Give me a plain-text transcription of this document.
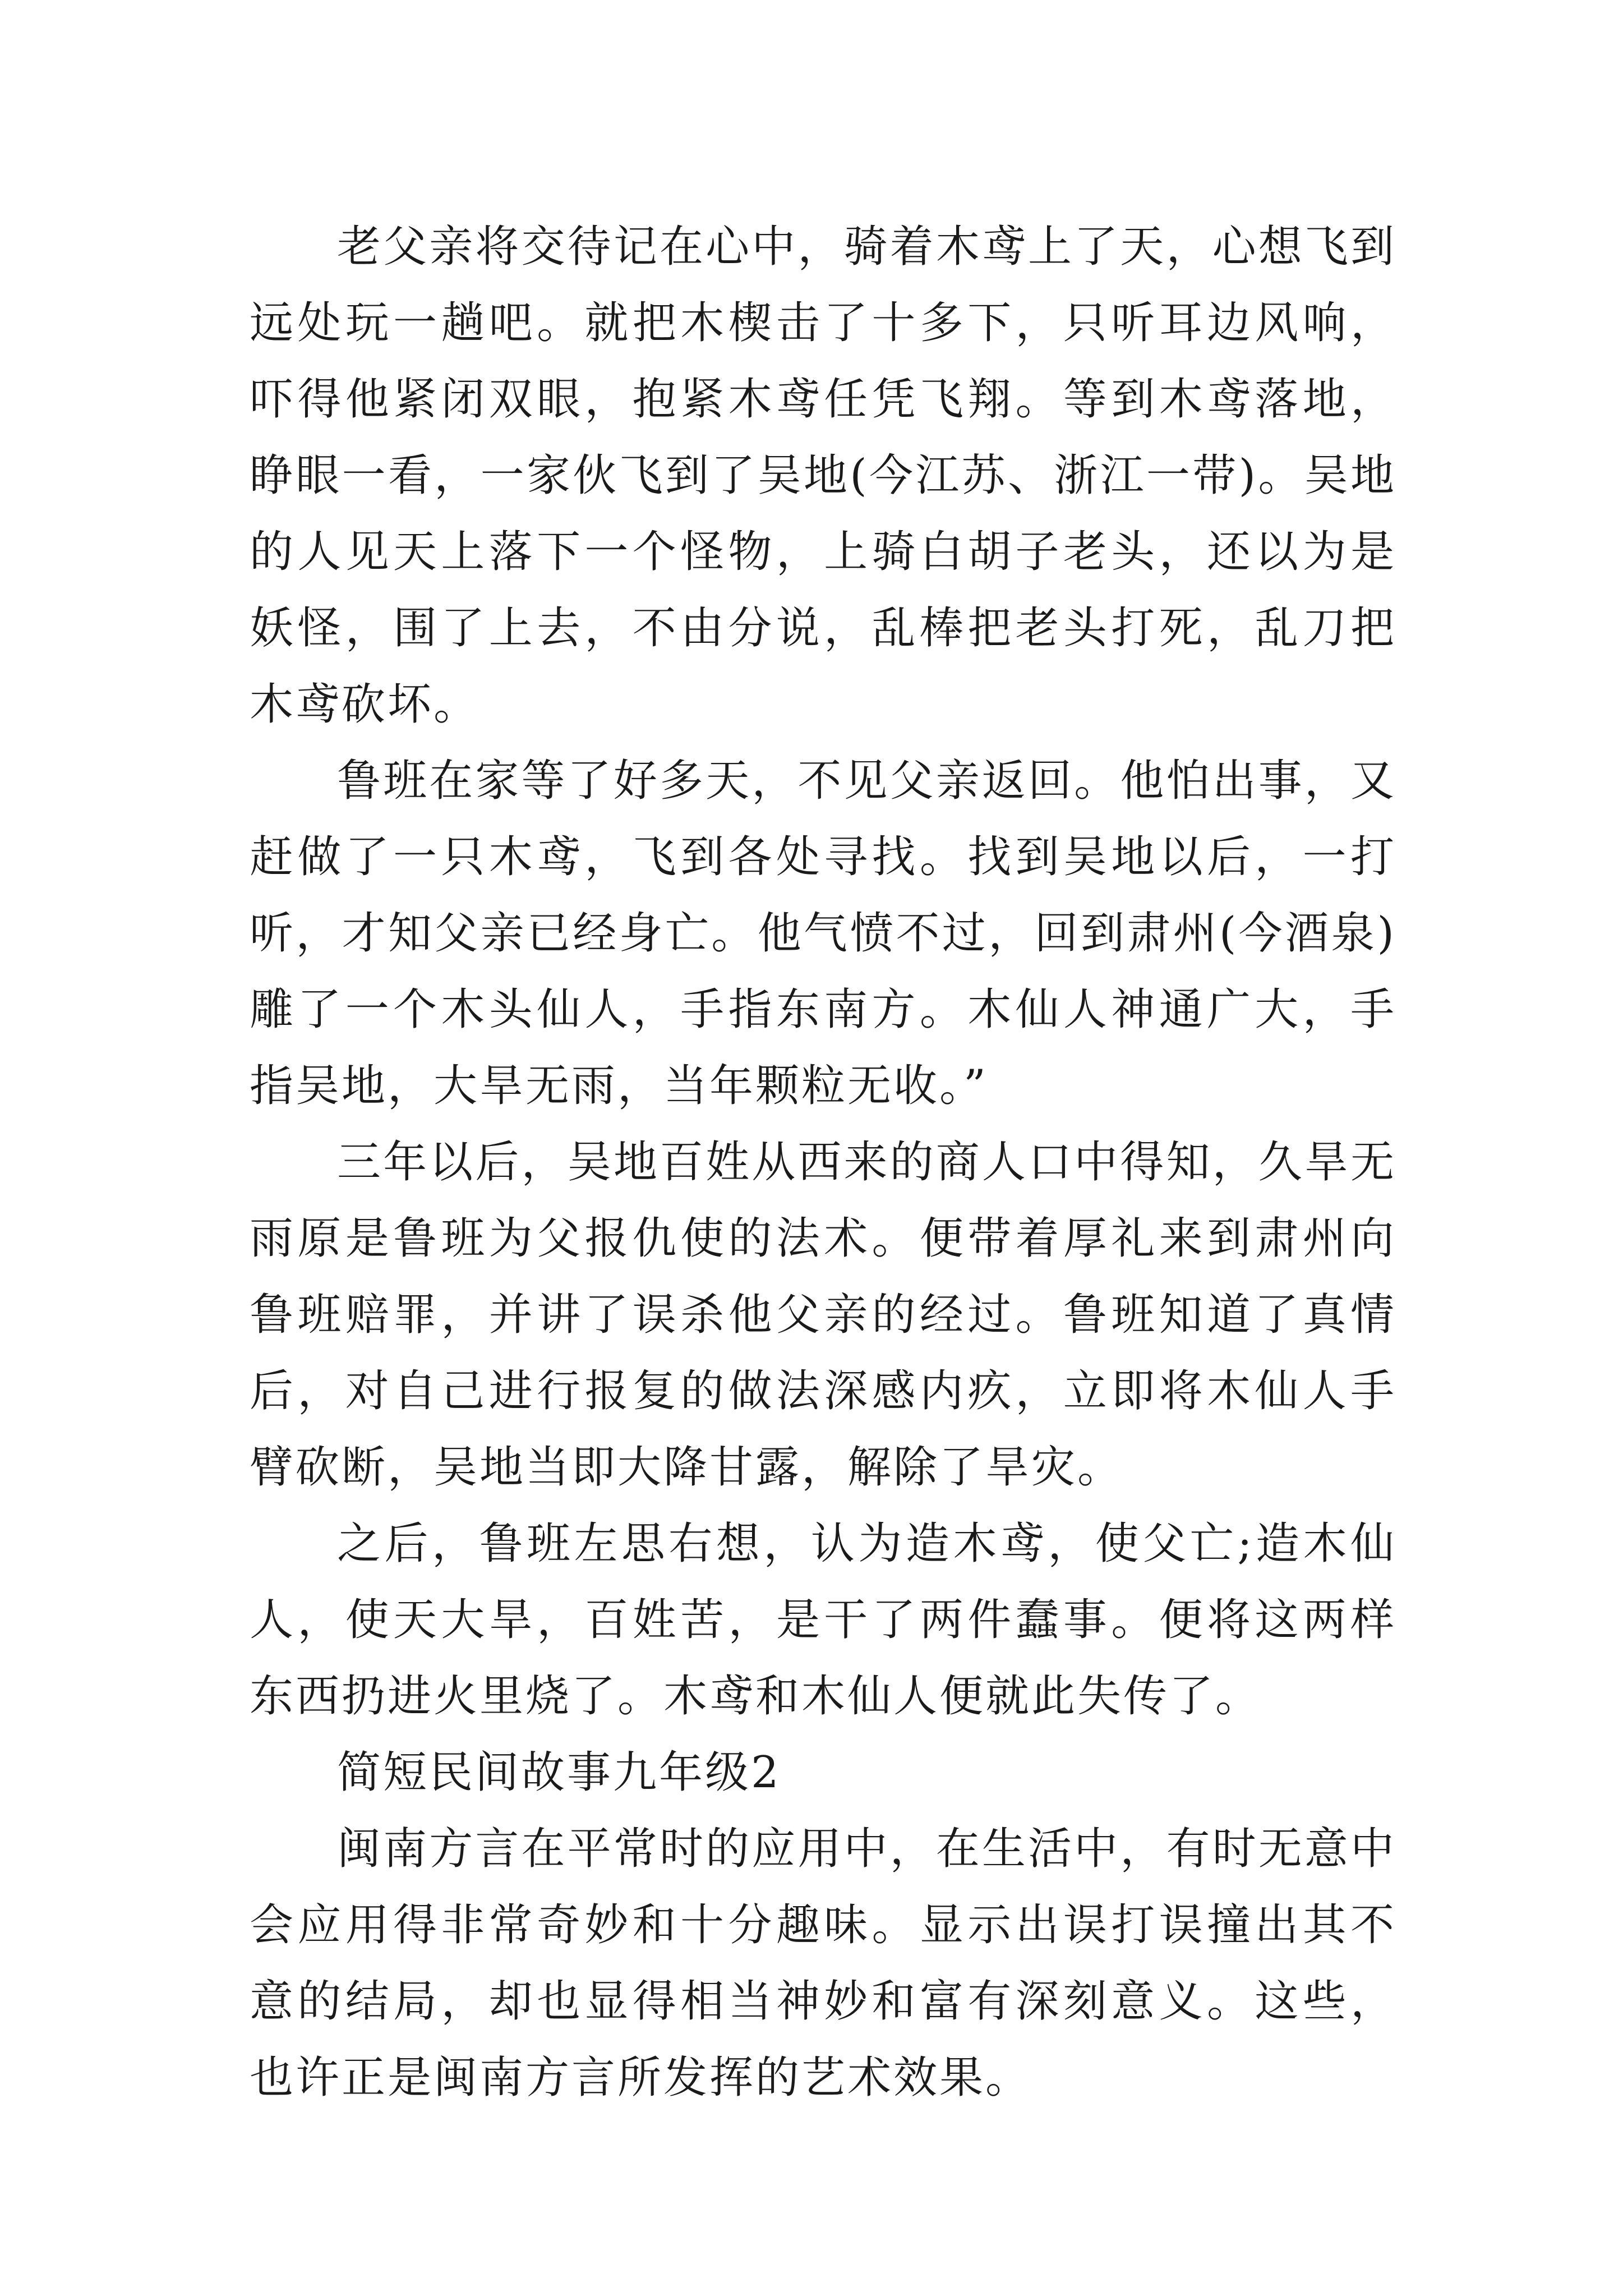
老父亲将交待记在心中，骑着木鸢上了天，心想飞到远处玩一趟吧。就把木楔击了十多下，只听耳边风响，吓得他紧闭双眼，抱紧木鸢任凭飞翔。等到木鸢落地，睁眼一看，一家伙飞到了吴地(今江苏、浙江一带)。吴地的人见天上落下一个怪物，上骑白胡子老头，还以为是妖怪，围了上去，不由分说，乱棒把老头打死，乱刀把木鸢砍坏。

鲁班在家等了好多天，不见父亲返回。他怕出事，又赶做了一只木鸢，飞到各处寻找。找到吴地以后，一打听，才知父亲已经身亡。他气愤不过，回到肃州(今酒泉)雕了一个木头仙人，手指东南方。木仙人神通广大，手指吴地，大旱无雨，当年颗粒无收。”

三年以后，吴地百姓从西来的商人口中得知，久旱无雨原是鲁班为父报仇使的法术。便带着厚礼来到肃州向鲁班赔罪，并讲了误杀他父亲的经过。鲁班知道了真情后，对自己进行报复的做法深感内疚，立即将木仙人手臂砍断，吴地当即大降甘露，解除了旱灾。

之后，鲁班左思右想，认为造木鸢，使父亡;造木仙人，使天大旱，百姓苦，是干了两件蠢事。便将这两样东西扔进火里烧了。木鸢和木仙人便就此失传了。

简短民间故事九年级2

闽南方言在平常时的应用中，在生活中，有时无意中会应用得非常奇妙和十分趣味。显示出误打误撞出其不意的结局，却也显得相当神妙和富有深刻意义。这些，也许正是闽南方言所发挥的艺术效果。
